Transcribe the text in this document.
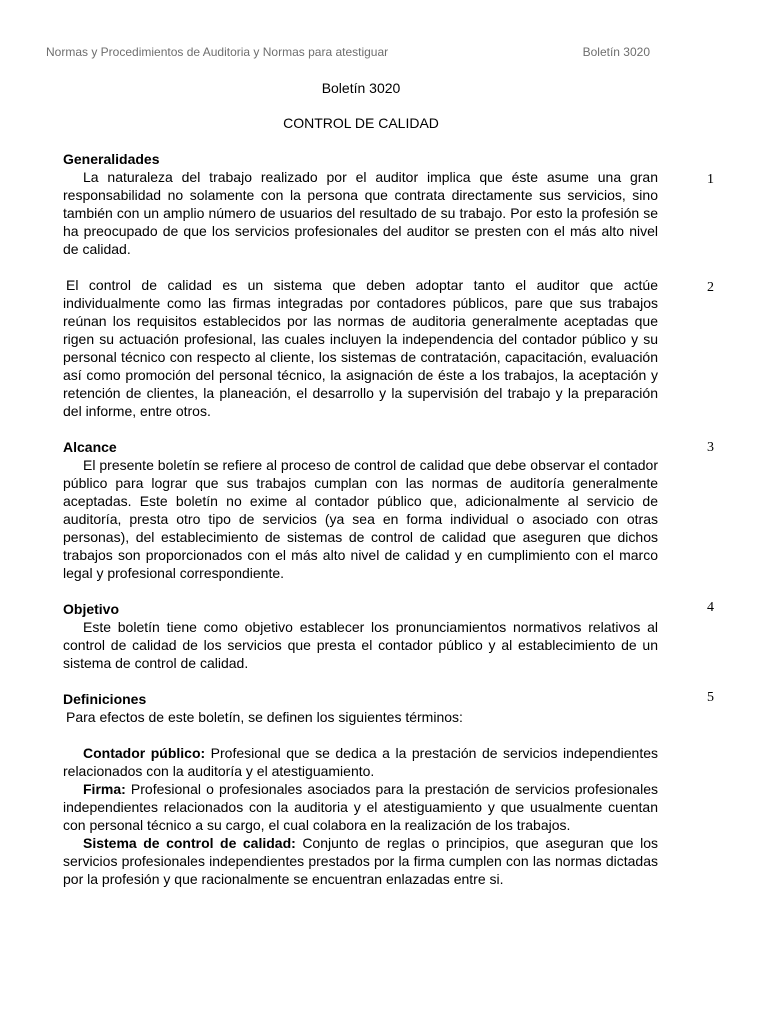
Normas y Procedimientos de Auditoria y Normas para atestiguar	Boletín 3020
Boletín 3020
CONTROL DE CALIDAD
Generalidades

La naturaleza del trabajo realizado por el auditor implica que éste asume una gran responsabilidad no solamente con la persona que contrata directamente sus servicios, sino también con un amplio número de usuarios del resultado de su trabajo. Por esto la profesión se ha preocupado de que los servicios profesionales del auditor se presten con el más alto nivel de calidad.

El control de calidad es un sistema que deben adoptar tanto el auditor que actúe individualmente como las firmas integradas por contadores públicos, pare que sus trabajos reúnan los requisitos establecidos por las normas de auditoria generalmente aceptadas que rigen su actuación profesional, las cuales incluyen la independencia del contador público y su personal técnico con respecto al cliente, los sistemas de contratación, capacitación, evaluación así como promoción del personal técnico, la asignación de éste a los trabajos, la aceptación y retención de clientes, la planeación, el desarrollo y la supervisión del trabajo y la preparación del informe, entre otros.

Alcance

El presente boletín se refiere al proceso de control de calidad que debe observar el contador público para lograr que sus trabajos cumplan con las normas de auditoría generalmente aceptadas. Este boletín no exime al contador público que, adicionalmente al servicio de auditoría, presta otro tipo de servicios (ya sea en forma individual o asociado con otras personas), del establecimiento de sistemas de control de calidad que aseguren que dichos trabajos son proporcionados con el más alto nivel de calidad y en cumplimiento con el marco legal y profesional correspondiente.

Objetivo

Este boletín tiene como objetivo establecer los pronunciamientos normativos relativos al control de calidad de los servicios que presta el contador público y al establecimiento de un sistema de control de calidad.

Definiciones

Para efectos de este boletín, se definen los siguientes términos:

Contador público: Profesional que se dedica a la prestación de servicios independientes relacionados con la auditoría y el atestiguamiento.

Firma: Profesional o profesionales asociados para la prestación de servicios profesionales independientes relacionados con la auditoria y el atestiguamiento y que usualmente cuentan con personal técnico a su cargo, el cual colabora en la realización de los trabajos.

Sistema de control de calidad: Conjunto de reglas o principios, que aseguran que los servicios profesionales independientes prestados por la firma cumplen con las normas dictadas por la profesión y que racionalmente se encuentran enlazadas entre si.

1
2
3
4
5
